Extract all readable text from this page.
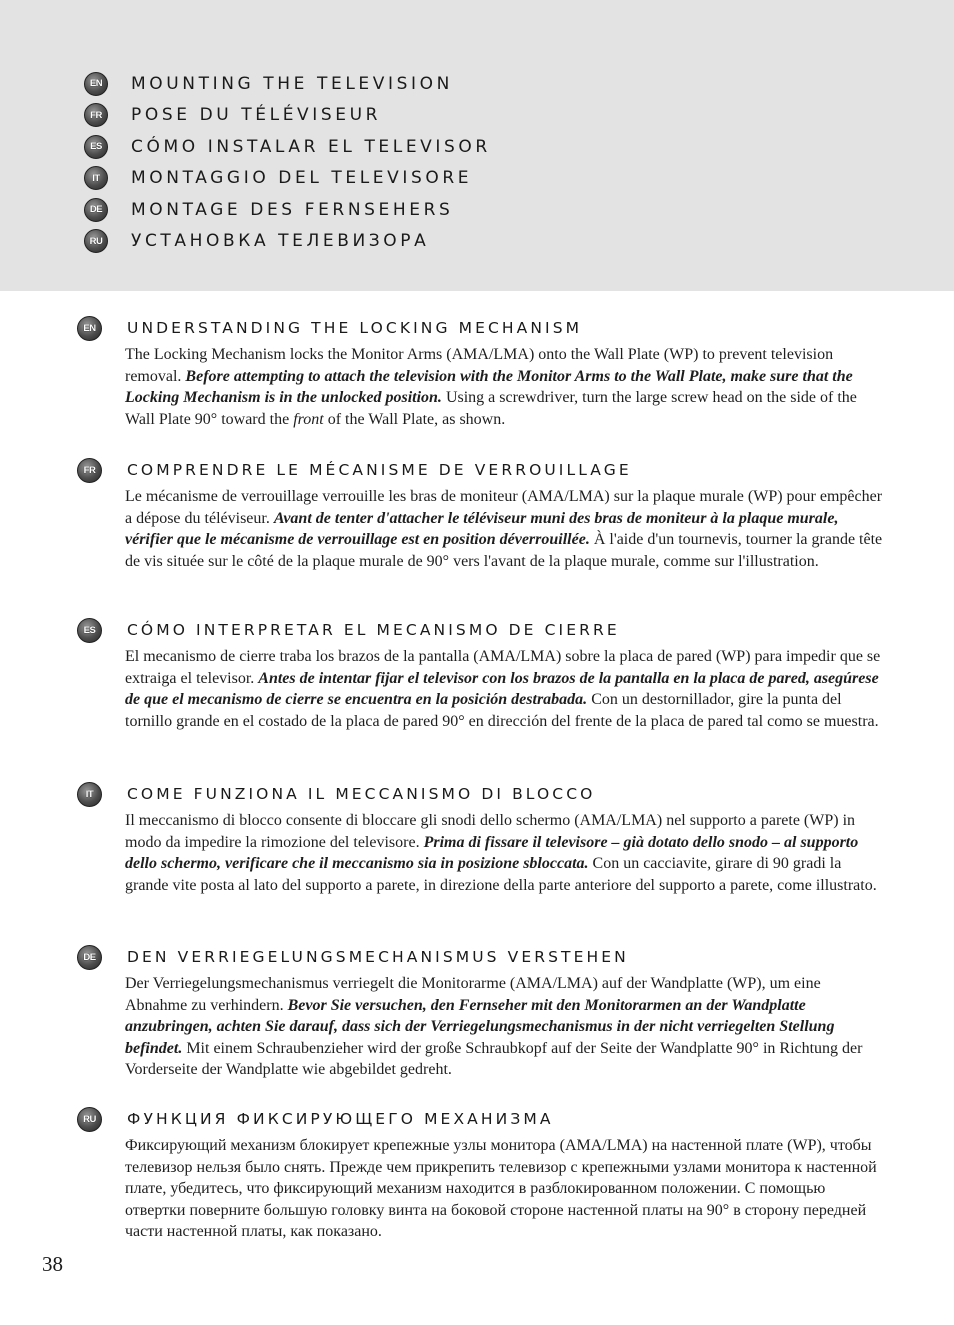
EN	MOUNTING THE TELEVISION
FR	POSE DU TÉLÉVISEUR
ES	CÓMO INSTALAR EL TELEVISOR
IT	MONTAGGIO DEL TELEVISORE
DE	MONTAGE DES FERNSEHERS
RU	УСТАНОВКА ТЕЛЕВИЗОРА
EN	UNDERSTANDING THE LOCKING MECHANISM
The Locking Mechanism locks the Monitor Arms (AMA/LMA) onto the Wall Plate (WP) to prevent television removal. Before attempting to attach the television with the Monitor Arms to the Wall Plate, make sure that the Locking Mechanism is in the unlocked position. Using a screwdriver, turn the large screw head on the side of the Wall Plate 90° toward the front of the Wall Plate, as shown.
FR	COMPRENDRE LE MÉCANISME DE VERROUILLAGE
Le mécanisme de verrouillage verrouille les bras de moniteur (AMA/LMA) sur la plaque murale (WP) pour empêcher a dépose du téléviseur. Avant de tenter d'attacher le téléviseur muni des bras de moniteur à la plaque murale, vérifier que le mécanisme de verrouillage est en position déverrouillée. À l'aide d'un tournevis, tourner la grande tête de vis située sur le côté de la plaque murale de 90° vers l'avant de la plaque murale, comme sur l'illustration.
ES	CÓMO INTERPRETAR EL MECANISMO DE CIERRE
El mecanismo de cierre traba los brazos de la pantalla (AMA/LMA) sobre la placa de pared (WP) para impedir que se extraiga el televisor. Antes de intentar fijar el televisor con los brazos de la pantalla en la placa de pared, asegúrese de que el mecanismo de cierre se encuentra en la posición destrabada. Con un destornillador, gire la punta del tornillo grande en el costado de la placa de pared 90° en dirección del frente de la placa de pared tal como se muestra.
IT	COME FUNZIONA IL MECCANISMO DI BLOCCO
Il meccanismo di blocco consente di bloccare gli snodi dello schermo (AMA/LMA) nel supporto a parete (WP) in modo da impedire la rimozione del televisore. Prima di fissare il televisore – già dotato dello snodo – al supporto dello schermo, verificare che il meccanismo sia in posizione sbloccata. Con un cacciavite, girare di 90 gradi la grande vite posta al lato del supporto a parete, in direzione della parte anteriore del supporto a parete, come illustrato.
DE	DEN VERRIEGELUNGSMECHANISMUS VERSTEHEN
Der Verriegelungsmechanismus verriegelt die Monitorarme (AMA/LMA) auf der Wandplatte (WP), um eine Abnahme zu verhindern. Bevor Sie versuchen, den Fernseher mit den Monitorarmen an der Wandplatte anzubringen, achten Sie darauf, dass sich der Verriegelungsmechanismus in der nicht verriegelten Stellung befindet. Mit einem Schraubenzieher wird der große Schraubkopf auf der Seite der Wandplatte 90° in Richtung der Vorderseite der Wandplatte wie abgebildet gedreht.
RU	ФУНКЦИЯ ФИКСИРУЮЩЕГО МЕХАНИЗМА
Фиксирующий механизм блокирует крепежные узлы монитора (AMA/LMA) на настенной плате (WP), чтобы телевизор нельзя было снять. Прежде чем прикрепить телевизор с крепежными узлами монитора к настенной плате, убедитесь, что фиксирующий механизм находится в разблокированном положении. С помощью отвертки поверните большую головку винта на боковой стороне настенной платы на 90° в сторону передней части настенной платы, как показано.
38
